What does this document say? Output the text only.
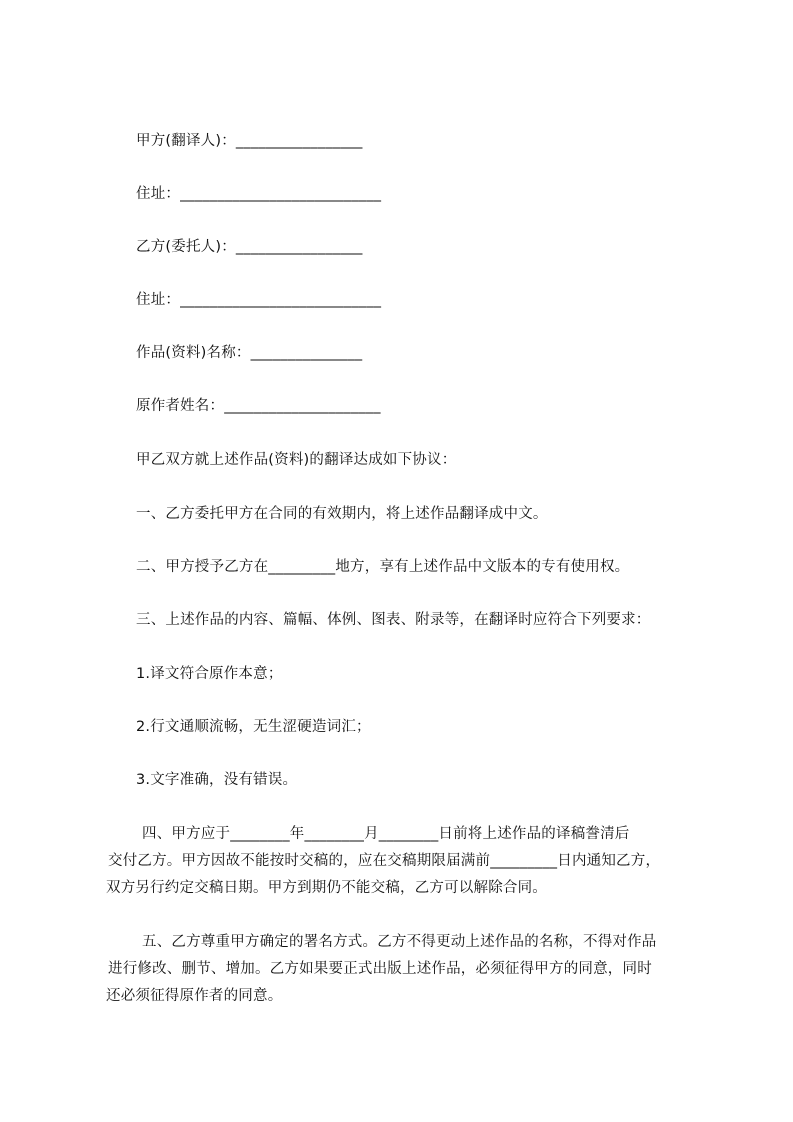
甲方(翻译人)：_________________
住址：___________________________
乙方(委托人)：_________________
住址：___________________________
作品(资料)名称：_______________
原作者姓名：_____________________
甲乙双方就上述作品(资料)的翻译达成如下协议：
一、乙方委托甲方在合同的有效期内，将上述作品翻译成中文。
二、甲方授予乙方在_________地方，享有上述作品中文版本的专有使用权。
三、上述作品的内容、篇幅、体例、图表、附录等，在翻译时应符合下列要求：
1.译文符合原作本意；
2.行文通顺流畅，无生涩硬造词汇；
3.文字准确，没有错误。
四、甲方应于________年________月________日前将上述作品的译稿誊清后
交付乙方。甲方因故不能按时交稿的，应在交稿期限届满前_________日内通知乙方，
双方另行约定交稿日期。甲方到期仍不能交稿，乙方可以解除合同。
五、乙方尊重甲方确定的署名方式。乙方不得更动上述作品的名称，不得对作品
进行修改、删节、增加。乙方如果要正式出版上述作品，必须征得甲方的同意，同时
还必须征得原作者的同意。
